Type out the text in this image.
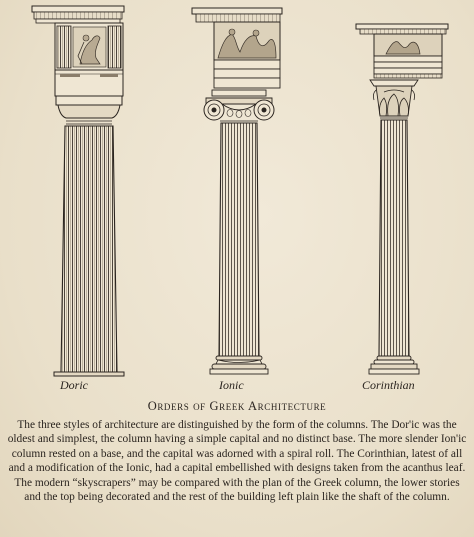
Doric	Ionic	Corinthian
Orders of Greek Architecture

The three styles of architecture are distinguished by the form of the columns. The Dor'ic was the oldest and simplest, the column having a simple capital and no distinct base. The more slender Ion'ic column rested on a base, and the capital was adorned with a spiral roll. The Corinthian, latest of all and a modification of the Ionic, had a capital embellished with designs taken from the acanthus leaf. The modern “skyscrapers” may be compared with the plan of the Greek column, the lower stories and the top being decorated and the rest of the building left plain like the shaft of the column.
